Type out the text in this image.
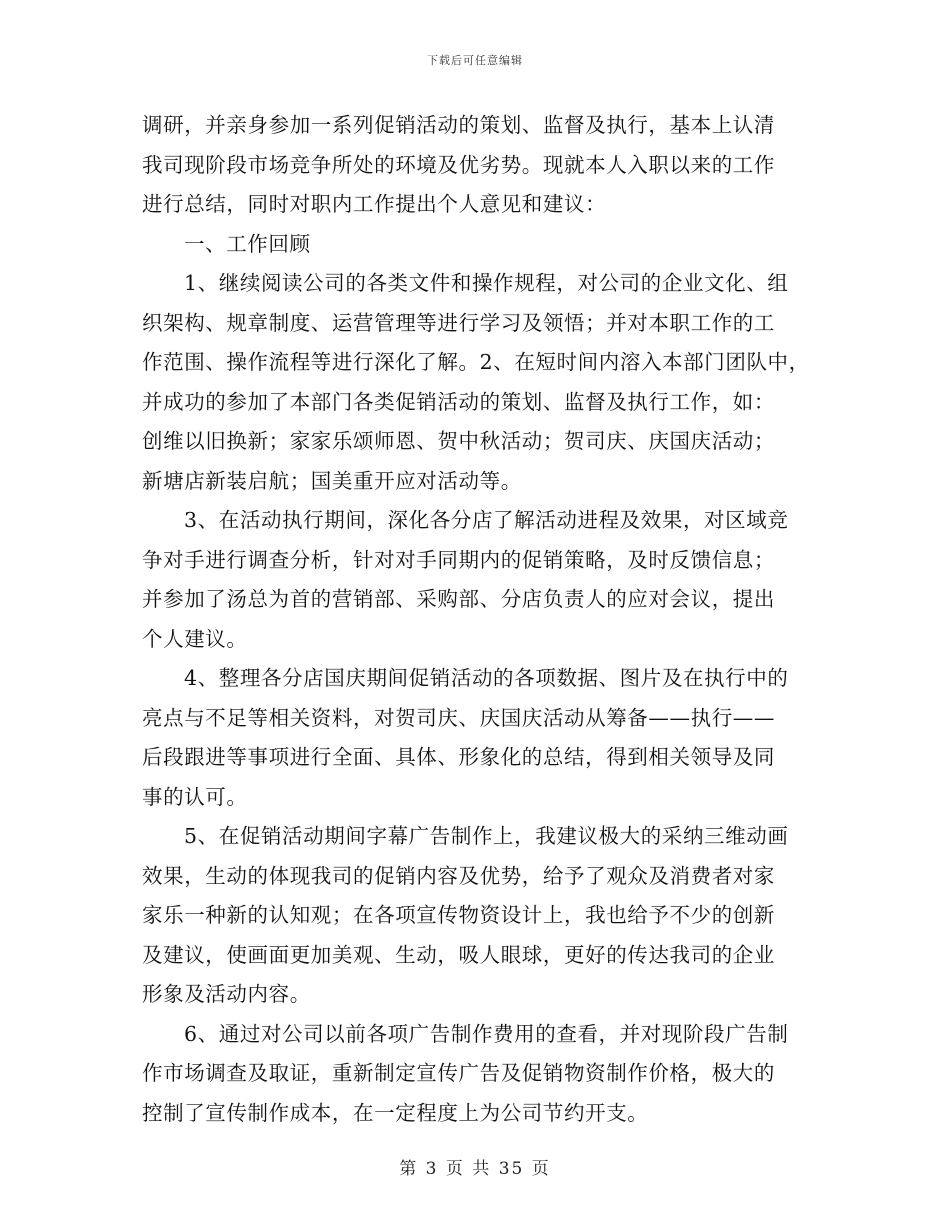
下载后可任意编辑

调研，并亲身参加一系列促销活动的策划、监督及执行，基本上认清
我司现阶段市场竞争所处的环境及优劣势。现就本人入职以来的工作
进行总结，同时对职内工作提出个人意见和建议：

一、工作回顾

1、继续阅读公司的各类文件和操作规程，对公司的企业文化、组
织架构、规章制度、运营管理等进行学习及领悟；并对本职工作的工
作范围、操作流程等进行深化了解。2、在短时间内溶入本部门团队中，
并成功的参加了本部门各类促销活动的策划、监督及执行工作，如：
创维以旧换新；家家乐颂师恩、贺中秋活动；贺司庆、庆国庆活动；
新塘店新装启航；国美重开应对活动等。

3、在活动执行期间，深化各分店了解活动进程及效果，对区域竞
争对手进行调查分析，针对对手同期内的促销策略，及时反馈信息；
并参加了汤总为首的营销部、采购部、分店负责人的应对会议，提出
个人建议。

4、整理各分店国庆期间促销活动的各项数据、图片及在执行中的
亮点与不足等相关资料，对贺司庆、庆国庆活动从筹备——执行——
后段跟进等事项进行全面、具体、形象化的总结，得到相关领导及同
事的认可。

5、在促销活动期间字幕广告制作上，我建议极大的采纳三维动画
效果，生动的体现我司的促销内容及优势，给予了观众及消费者对家
家乐一种新的认知观；在各项宣传物资设计上，我也给予不少的创新
及建议，使画面更加美观、生动，吸人眼球，更好的传达我司的企业
形象及活动内容。

6、通过对公司以前各项广告制作费用的查看，并对现阶段广告制
作市场调查及取证，重新制定宣传广告及促销物资制作价格，极大的
控制了宣传制作成本，在一定程度上为公司节约开支。

第 3 页 共 35 页
